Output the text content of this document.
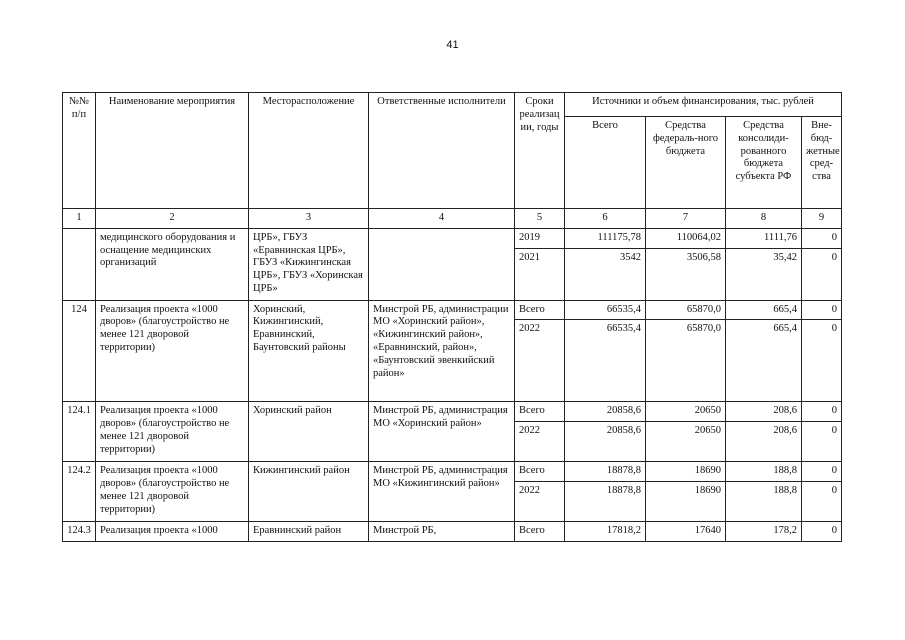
41
№№ п/п	Наименование мероприятия	Месторасположение	Ответственные исполнители	Сроки реализац ии, годы	Источники и объем финансирования, тыс. рублей			
					Всего	Средства федераль-ного бюджета	Средства консолиди-рованного бюджета субъекта РФ	Вне-бюд-жетные сред-ства
1	2	3	4	5	6	7	8	9
	медицинского оборудования и оснащение медицинских организаций	ЦРБ», ГБУЗ «Еравнинская ЦРБ», ГБУЗ «Кижингинская ЦРБ», ГБУЗ «Хоринская ЦРБ»		2019	111175,78	110064,02	1111,76	0
				2021	3542	3506,58	35,42	0
124	Реализация проекта «1000 дворов» (благоустройство не менее 121 дворовой территории)	Хоринский, Кижингинский, Еравнинский, Баунтовский районы	Минстрой РБ, администрации МО «Хоринский район», «Кижингинский район», «Еравнинский, район», «Баунтовский эвенкийский район»	Всего	66535,4	65870,0	665,4	0
				2022	66535,4	65870,0	665,4	0
124.1	Реализация проекта «1000 дворов» (благоустройство не менее 121 дворовой территории)	Хоринский район	Минстрой РБ, администрация МО «Хоринский район»	Всего	20858,6	20650	208,6	0
				2022	20858,6	20650	208,6	0
124.2	Реализация проекта «1000 дворов» (благоустройство не менее 121 дворовой территории)	Кижингинский район	Минстрой РБ, администрация МО «Кижингинский район»	Всего	18878,8	18690	188,8	0
				2022	18878,8	18690	188,8	0
124.3	Реализация проекта «1000	Еравнинский район	Минстрой РБ,	Всего	17818,2	17640	178,2	0
